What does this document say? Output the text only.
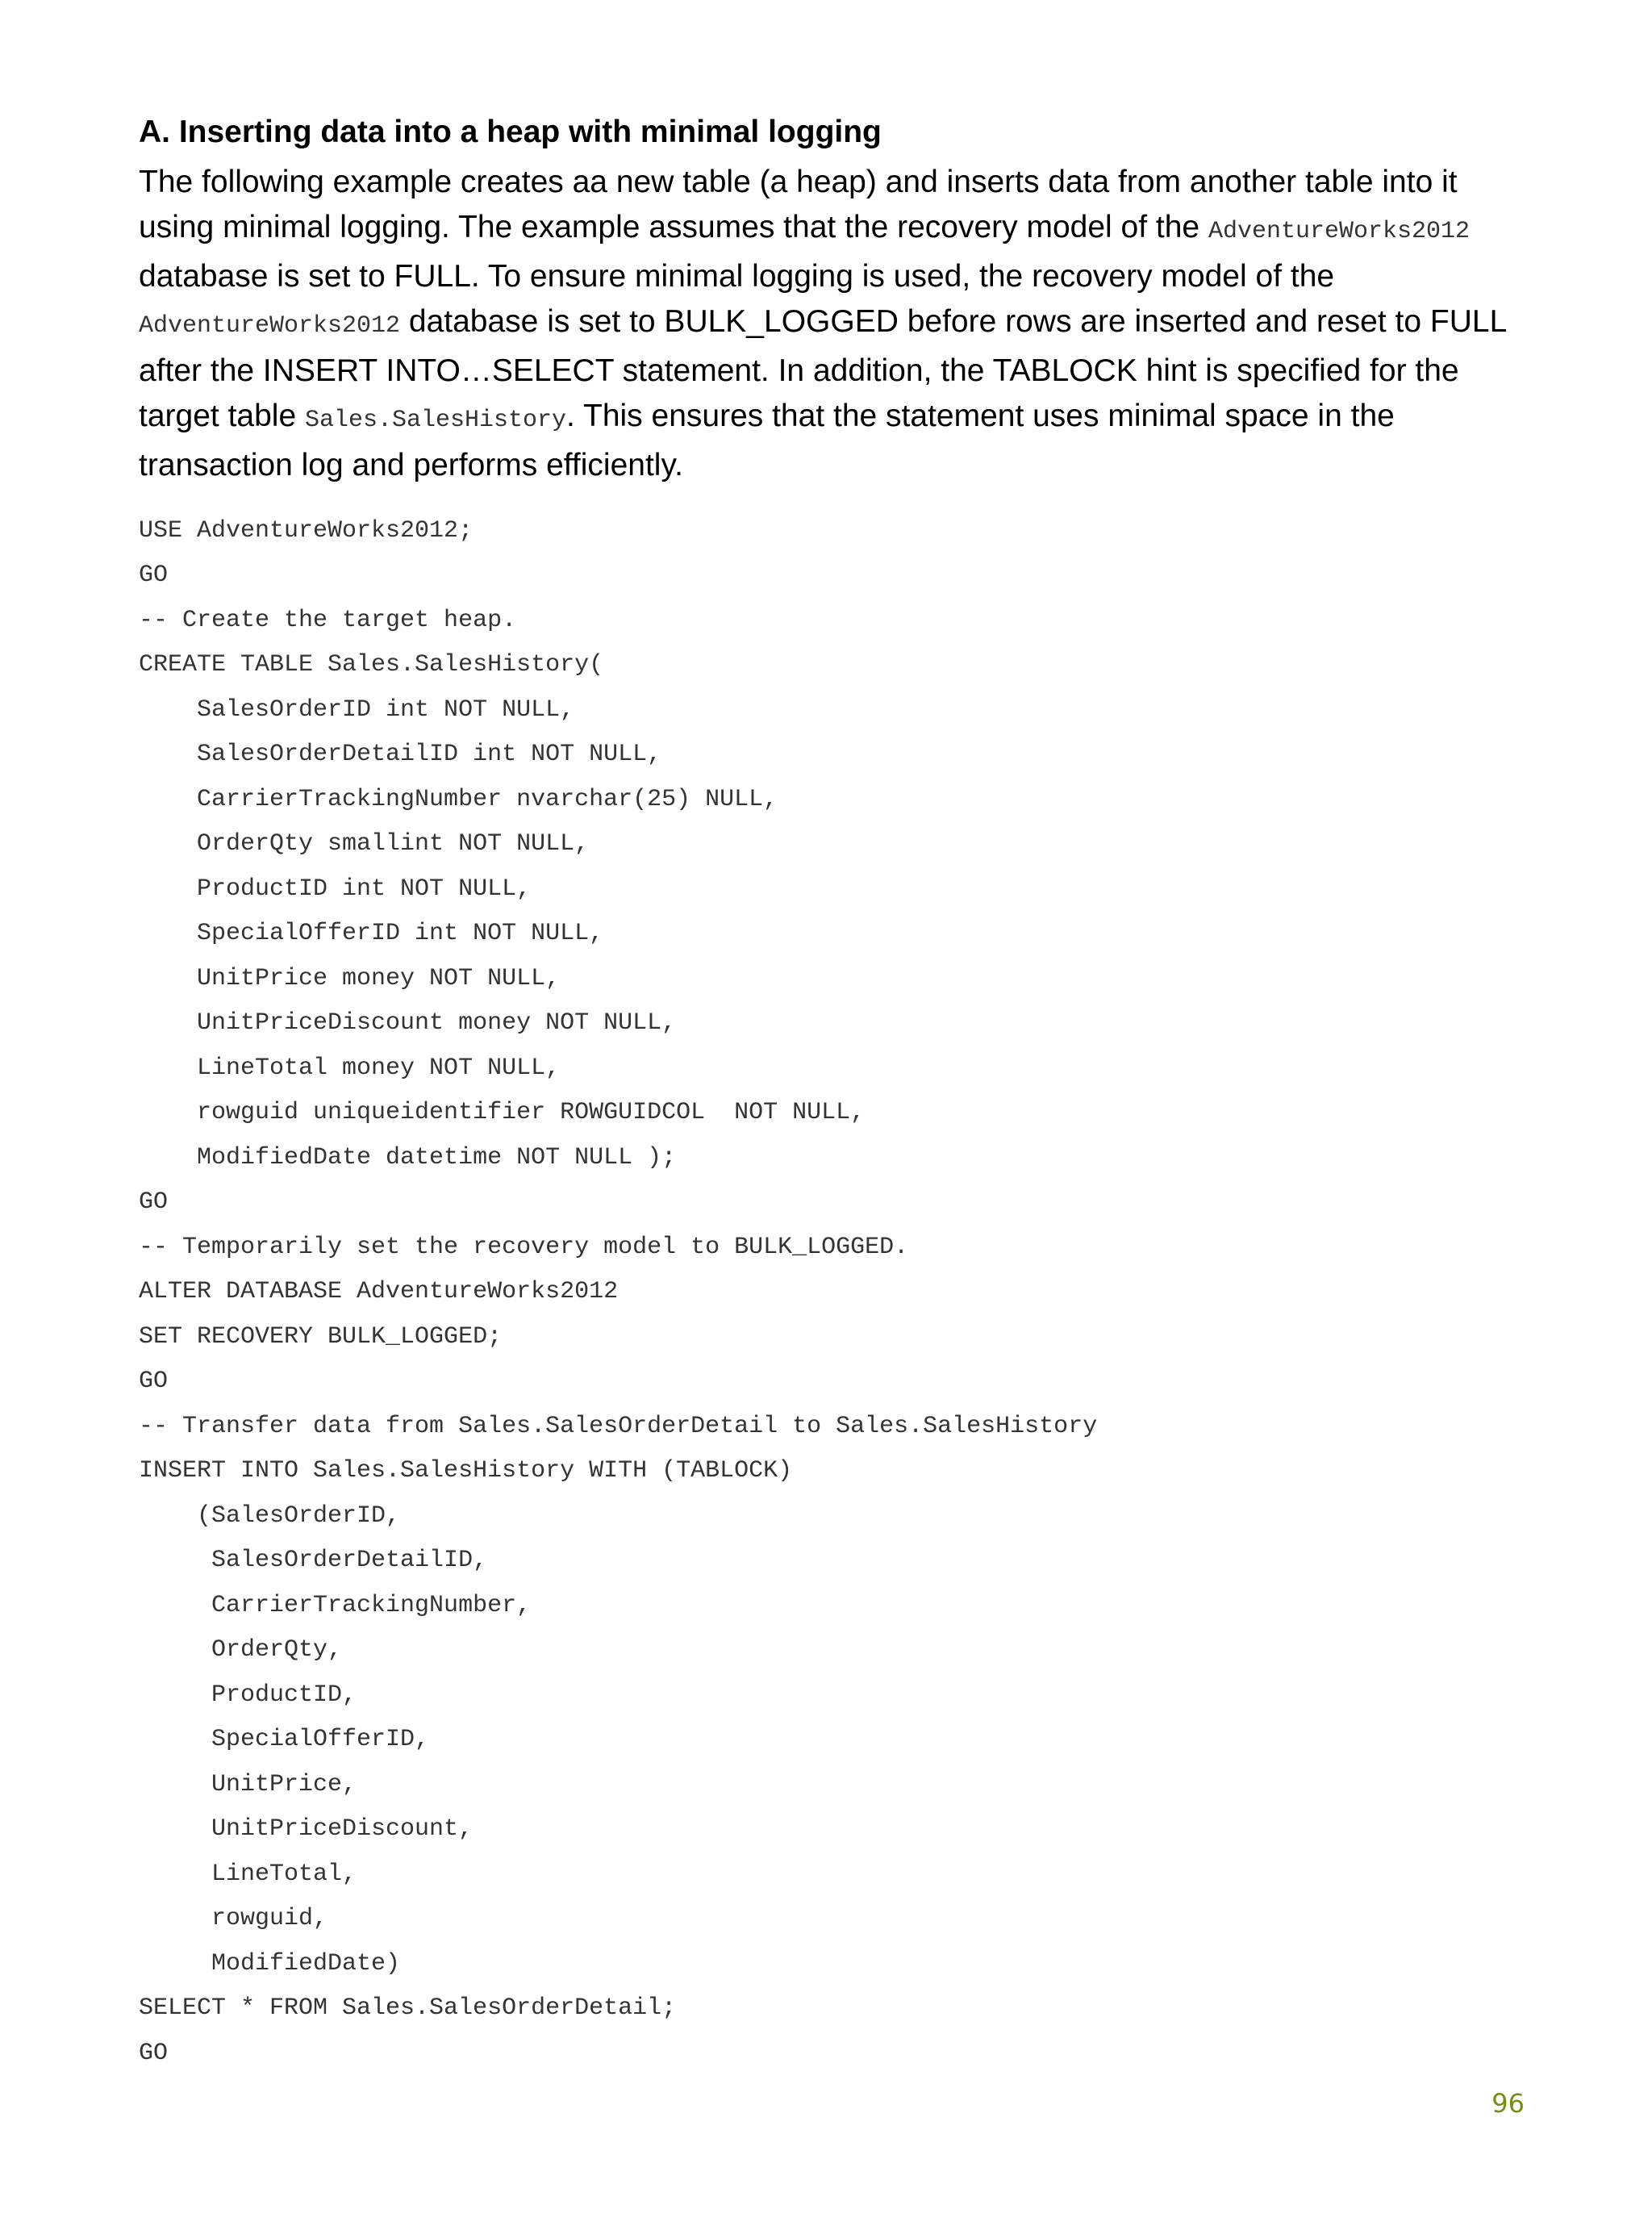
A. Inserting data into a heap with minimal logging

The following example creates aa new table (a heap) and inserts data from another table into it using minimal logging. The example assumes that the recovery model of the AdventureWorks2012 database is set to FULL. To ensure minimal logging is used, the recovery model of the AdventureWorks2012 database is set to BULK_LOGGED before rows are inserted and reset to FULL after the INSERT INTO…SELECT statement. In addition, the TABLOCK hint is specified for the target table Sales.SalesHistory. This ensures that the statement uses minimal space in the transaction log and performs efficiently.

USE AdventureWorks2012;
GO
-- Create the target heap.
CREATE TABLE Sales.SalesHistory(
SalesOrderID int NOT NULL,
SalesOrderDetailID int NOT NULL,
CarrierTrackingNumber nvarchar(25) NULL,
OrderQty smallint NOT NULL,
ProductID int NOT NULL,
SpecialOfferID int NOT NULL,
UnitPrice money NOT NULL,
UnitPriceDiscount money NOT NULL,
LineTotal money NOT NULL,
rowguid uniqueidentifier ROWGUIDCOL  NOT NULL,
ModifiedDate datetime NOT NULL );
GO
-- Temporarily set the recovery model to BULK_LOGGED.
ALTER DATABASE AdventureWorks2012
SET RECOVERY BULK_LOGGED;
GO
-- Transfer data from Sales.SalesOrderDetail to Sales.SalesHistory
INSERT INTO Sales.SalesHistory WITH (TABLOCK)
(SalesOrderID,
SalesOrderDetailID,
CarrierTrackingNumber,
OrderQty,
ProductID,
SpecialOfferID,
UnitPrice,
UnitPriceDiscount,
LineTotal,
rowguid,
ModifiedDate)
SELECT * FROM Sales.SalesOrderDetail;
GO
96
